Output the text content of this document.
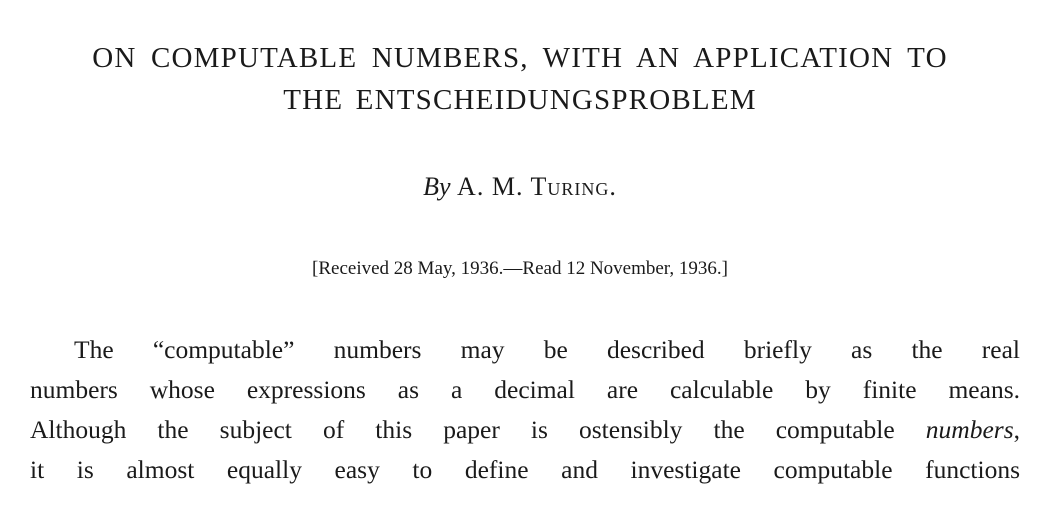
ON COMPUTABLE NUMBERS, WITH AN APPLICATION TO
THE ENTSCHEIDUNGSPROBLEM
By A. M. Turing.
[Received 28 May, 1936.—Read 12 November, 1936.]
The “computable” numbers may be described briefly as the real
numbers whose expressions as a decimal are calculable by finite means.
Although the subject of this paper is ostensibly the computable numbers,
it is almost equally easy to define and investigate computable functions
